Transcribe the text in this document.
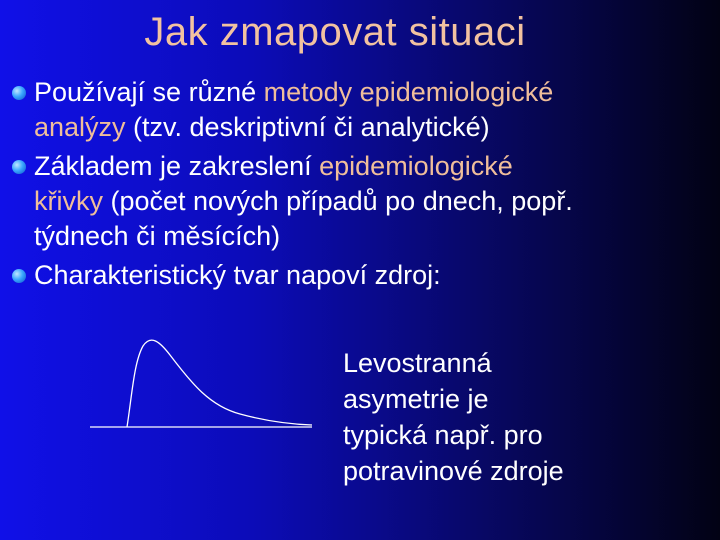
Jak zmapovat situaci
Používají se různé metody epidemiologické
analýzy (tzv. deskriptivní či analytické)
Základem je zakreslení epidemiologické
křivky (počet nových případů po dnech, popř.
týdnech či měsících)
Charakteristický tvar napoví zdroj:
Levostranná
asymetrie je
typická např. pro
potravinové zdroje
